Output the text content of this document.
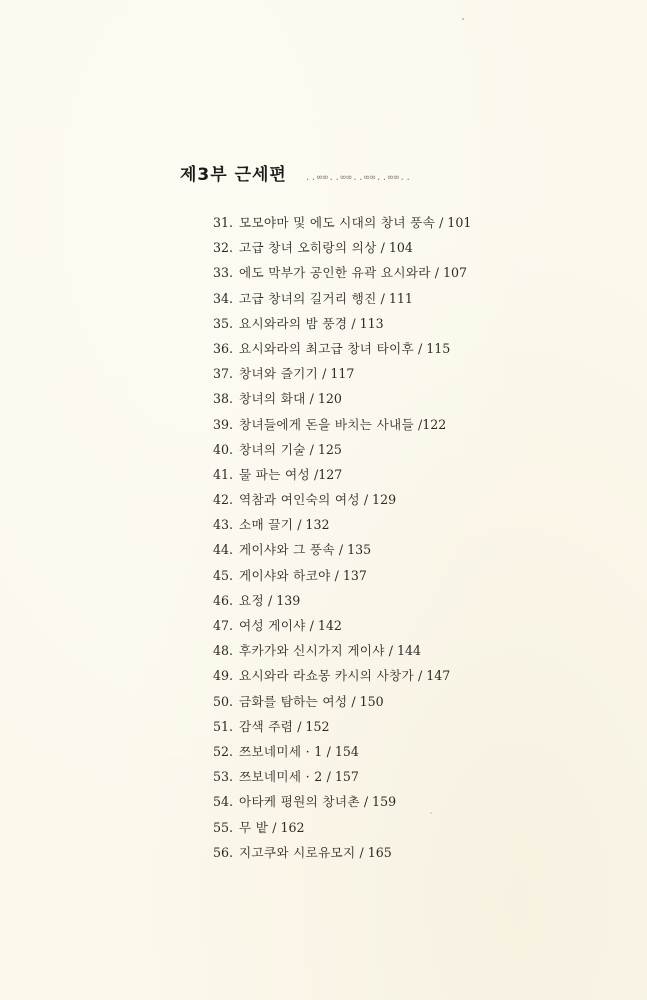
제3부 근세편 ..∞∞..∞∞..∞∞..∞∞..
31. 모모야마 및 에도 시대의 창녀 풍속 / 101
32. 고급 창녀 오히랑의 의상 / 104
33. 에도 막부가 공인한 유곽 요시와라 / 107
34. 고급 창녀의 길거리 행진 / 111
35. 요시와라의 밤 풍경 / 113
36. 요시와라의 최고급 창녀 타이후 / 115
37. 창녀와 즐기기 / 117
38. 창녀의 화대 / 120
39. 창녀들에게 돈을 바치는 사내들 /122
40. 창녀의 기술 / 125
41. 물 파는 여성 /127
42. 역참과 여인숙의 여성 / 129
43. 소매 끌기 / 132
44. 게이샤와 그 풍속 / 135
45. 게이샤와 하코야 / 137
46. 요정 / 139
47. 여성 게이샤 / 142
48. 후카가와 신시가지 게이샤 / 144
49. 요시와라 라쇼몽 카시의 사창가 / 147
50. 금화를 탐하는 여성 / 150
51. 감색 주렴 / 152
52. 쯔보네미세 · 1 / 154
53. 쯔보네미세 · 2 / 157
54. 아타케 평원의 창녀촌 / 159
55. 무 밭 / 162
56. 지고쿠와 시로유모지 / 165
